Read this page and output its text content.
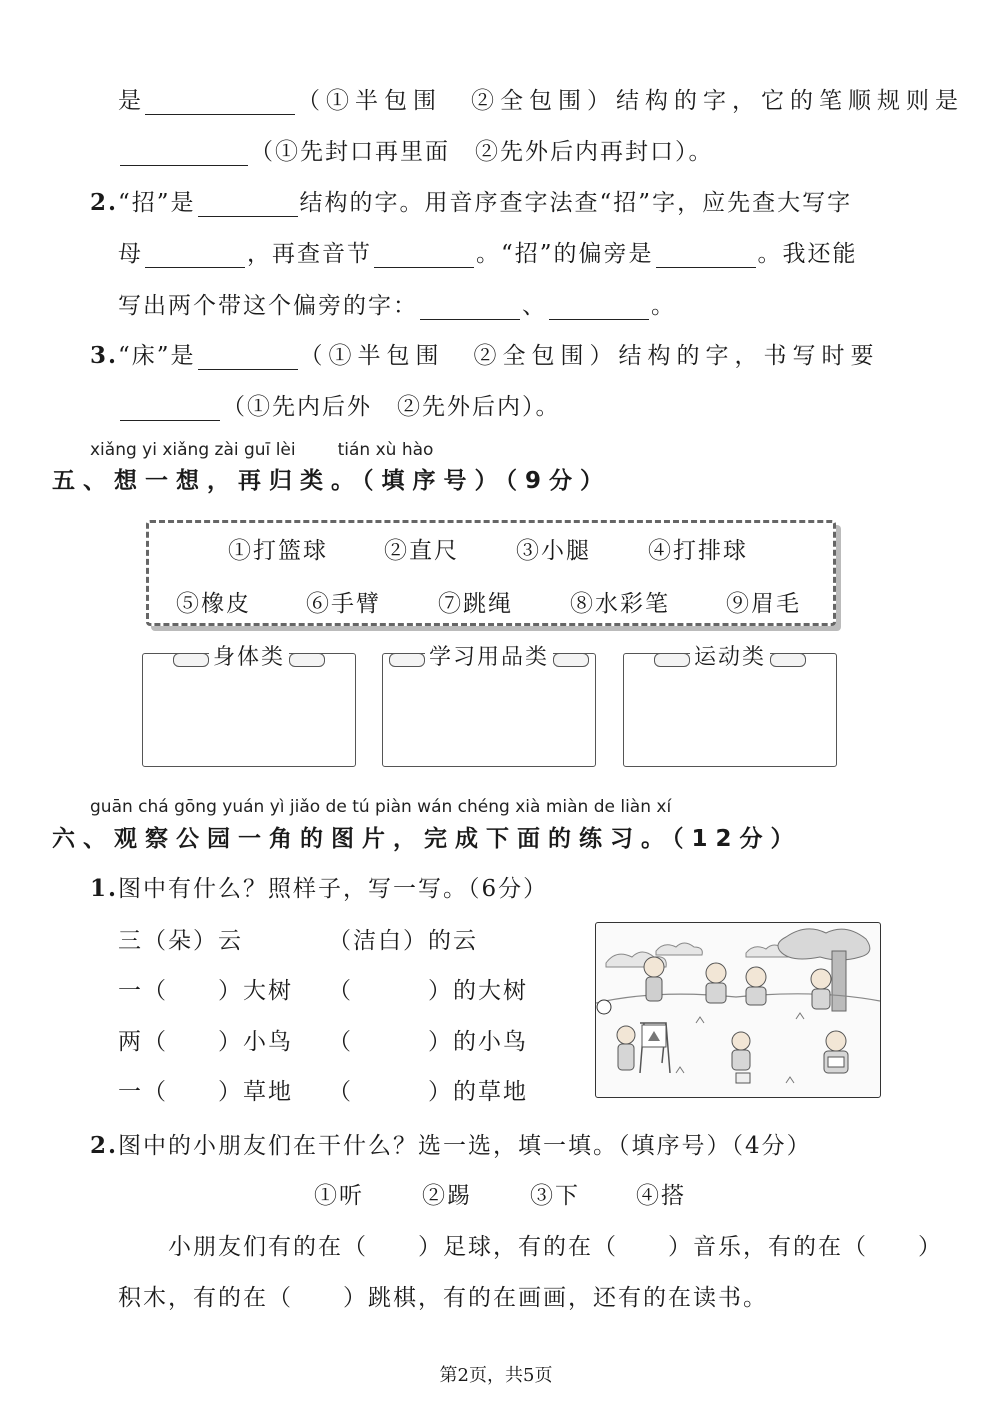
是	（①半包围　②全包围）结构的字，它的笔顺规则是
（①先封口再里面　②先外后内再封口）。
2.“招”是	结构的字。用音序查字法查“招”字，应先查大写字
母	，再查音节	。“招”的偏旁是	。我还能
写出两个带这个偏旁的字：	、	。
3.“床”是	（①半包围　②全包围）结构的字，书写时要
（①先内后外　②先外后内）。
xiǎng yi xiǎng zài guī lèi tián xù hào
五、想一想，再归类。（填序号）（9分）
①打篮球 ②直尺 ③小腿 ④打排球
⑤橡皮 ⑥手臂 ⑦跳绳 ⑧水彩笔 ⑨眉毛
身体类	学习用品类	运动类
guān chá gōng yuán yì jiǎo de tú piàn wán chéng xià miàn de liàn xí
六、观察公园一角的图片，完成下面的练习。（12分）
1.图中有什么？照样子，写一写。（6分）
三（朵）云	（洁白）的云
一（　　）大树 （　　　）的大树
两（　　）小鸟 （　　　）的小鸟
一（　　）草地 （　　　）的草地
2.图中的小朋友们在干什么？选一选，填一填。（填序号）（4分）
①听	②踢	③下 ④搭
小朋友们有的在（　　）足球，有的在（　　）音乐，有的在（　　）
积木，有的在（　　）跳棋，有的在画画，还有的在读书。
第2页，共5页
